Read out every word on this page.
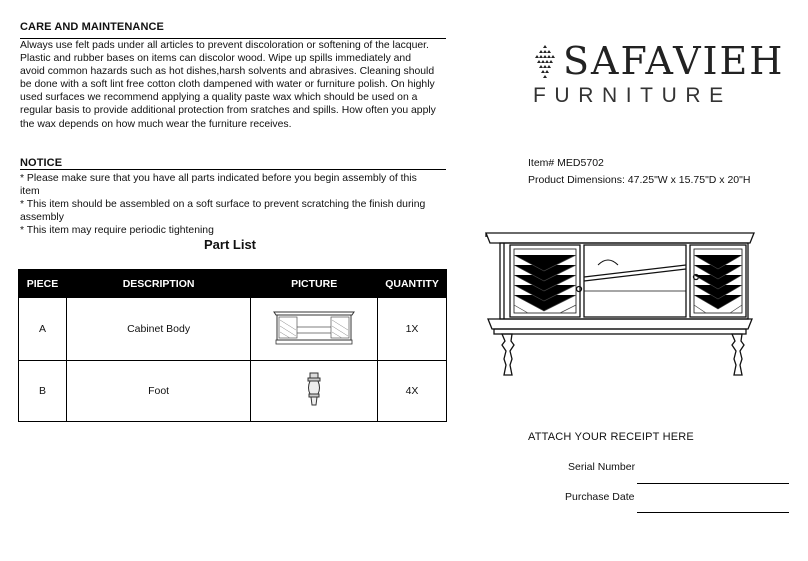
CARE AND MAINTENANCE

Always use felt pads under all articles to prevent discoloration or softening of the lacquer.

Plastic and rubber bases on items can discolor wood. Wipe up spills immediately and

avoid common hazards such as hot dishes,harsh solvents and abrasives. Cleaning should

be done with a soft lint free cotton cloth dampened with water or furniture polish. On highly

used surfaces we recommend applying a quality paste wax which should be used on a

regular basis to provide additional protection from sratches and spills. How often you apply

the wax depends on how much wear the furniture receives.

NOTICE

* Please make sure that you have all parts indicated before you begin assembly of this

item

* This item should be assembled on a soft surface to prevent scratching the finish during

assembly

* This item may require periodic tightening

Part List
PIECE	DESCRIPTION	PICTURE	QUANTITY
A	Cabinet Body		1X
B	Foot		4X
SAFAVIEH
FURNITURE
Item# MED5702
Product Dimensions: 47.25"W x 15.75"D x 20"H
ATTACH YOUR RECEIPT HERE
Serial Number
Purchase Date
